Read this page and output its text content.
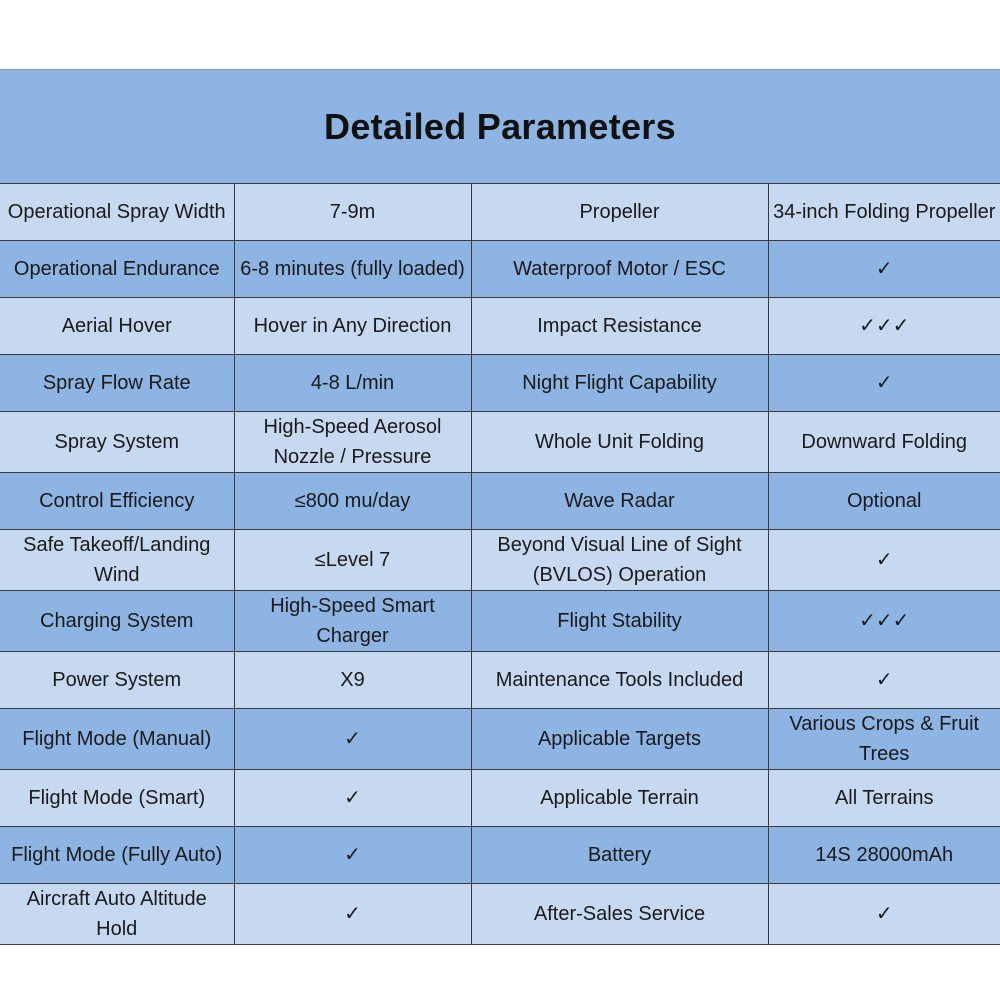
Detailed Parameters
Operational Spray Width	7-9m	Propeller	34-inch Folding Propeller
Operational Endurance	6-8 minutes (fully loaded)	Waterproof Motor / ESC	✓
Aerial Hover	Hover in Any Direction	Impact Resistance	✓✓✓
Spray Flow Rate	4-8 L/min	Night Flight Capability	✓
Spray System	High-Speed Aerosol Nozzle / Pressure	Whole Unit Folding	Downward Folding
Control Efficiency	≤800 mu/day	Wave Radar	Optional
Safe Takeoff/Landing Wind	≤Level 7	Beyond Visual Line of Sight (BVLOS) Operation	✓
Charging System	High-Speed Smart Charger	Flight Stability	✓✓✓
Power System	X9	Maintenance Tools Included	✓
Flight Mode (Manual)	✓	Applicable Targets	Various Crops & Fruit Trees
Flight Mode (Smart)	✓	Applicable Terrain	All Terrains
Flight Mode (Fully Auto)	✓	Battery	14S 28000mAh
Aircraft Auto Altitude Hold	✓	After-Sales Service	✓
